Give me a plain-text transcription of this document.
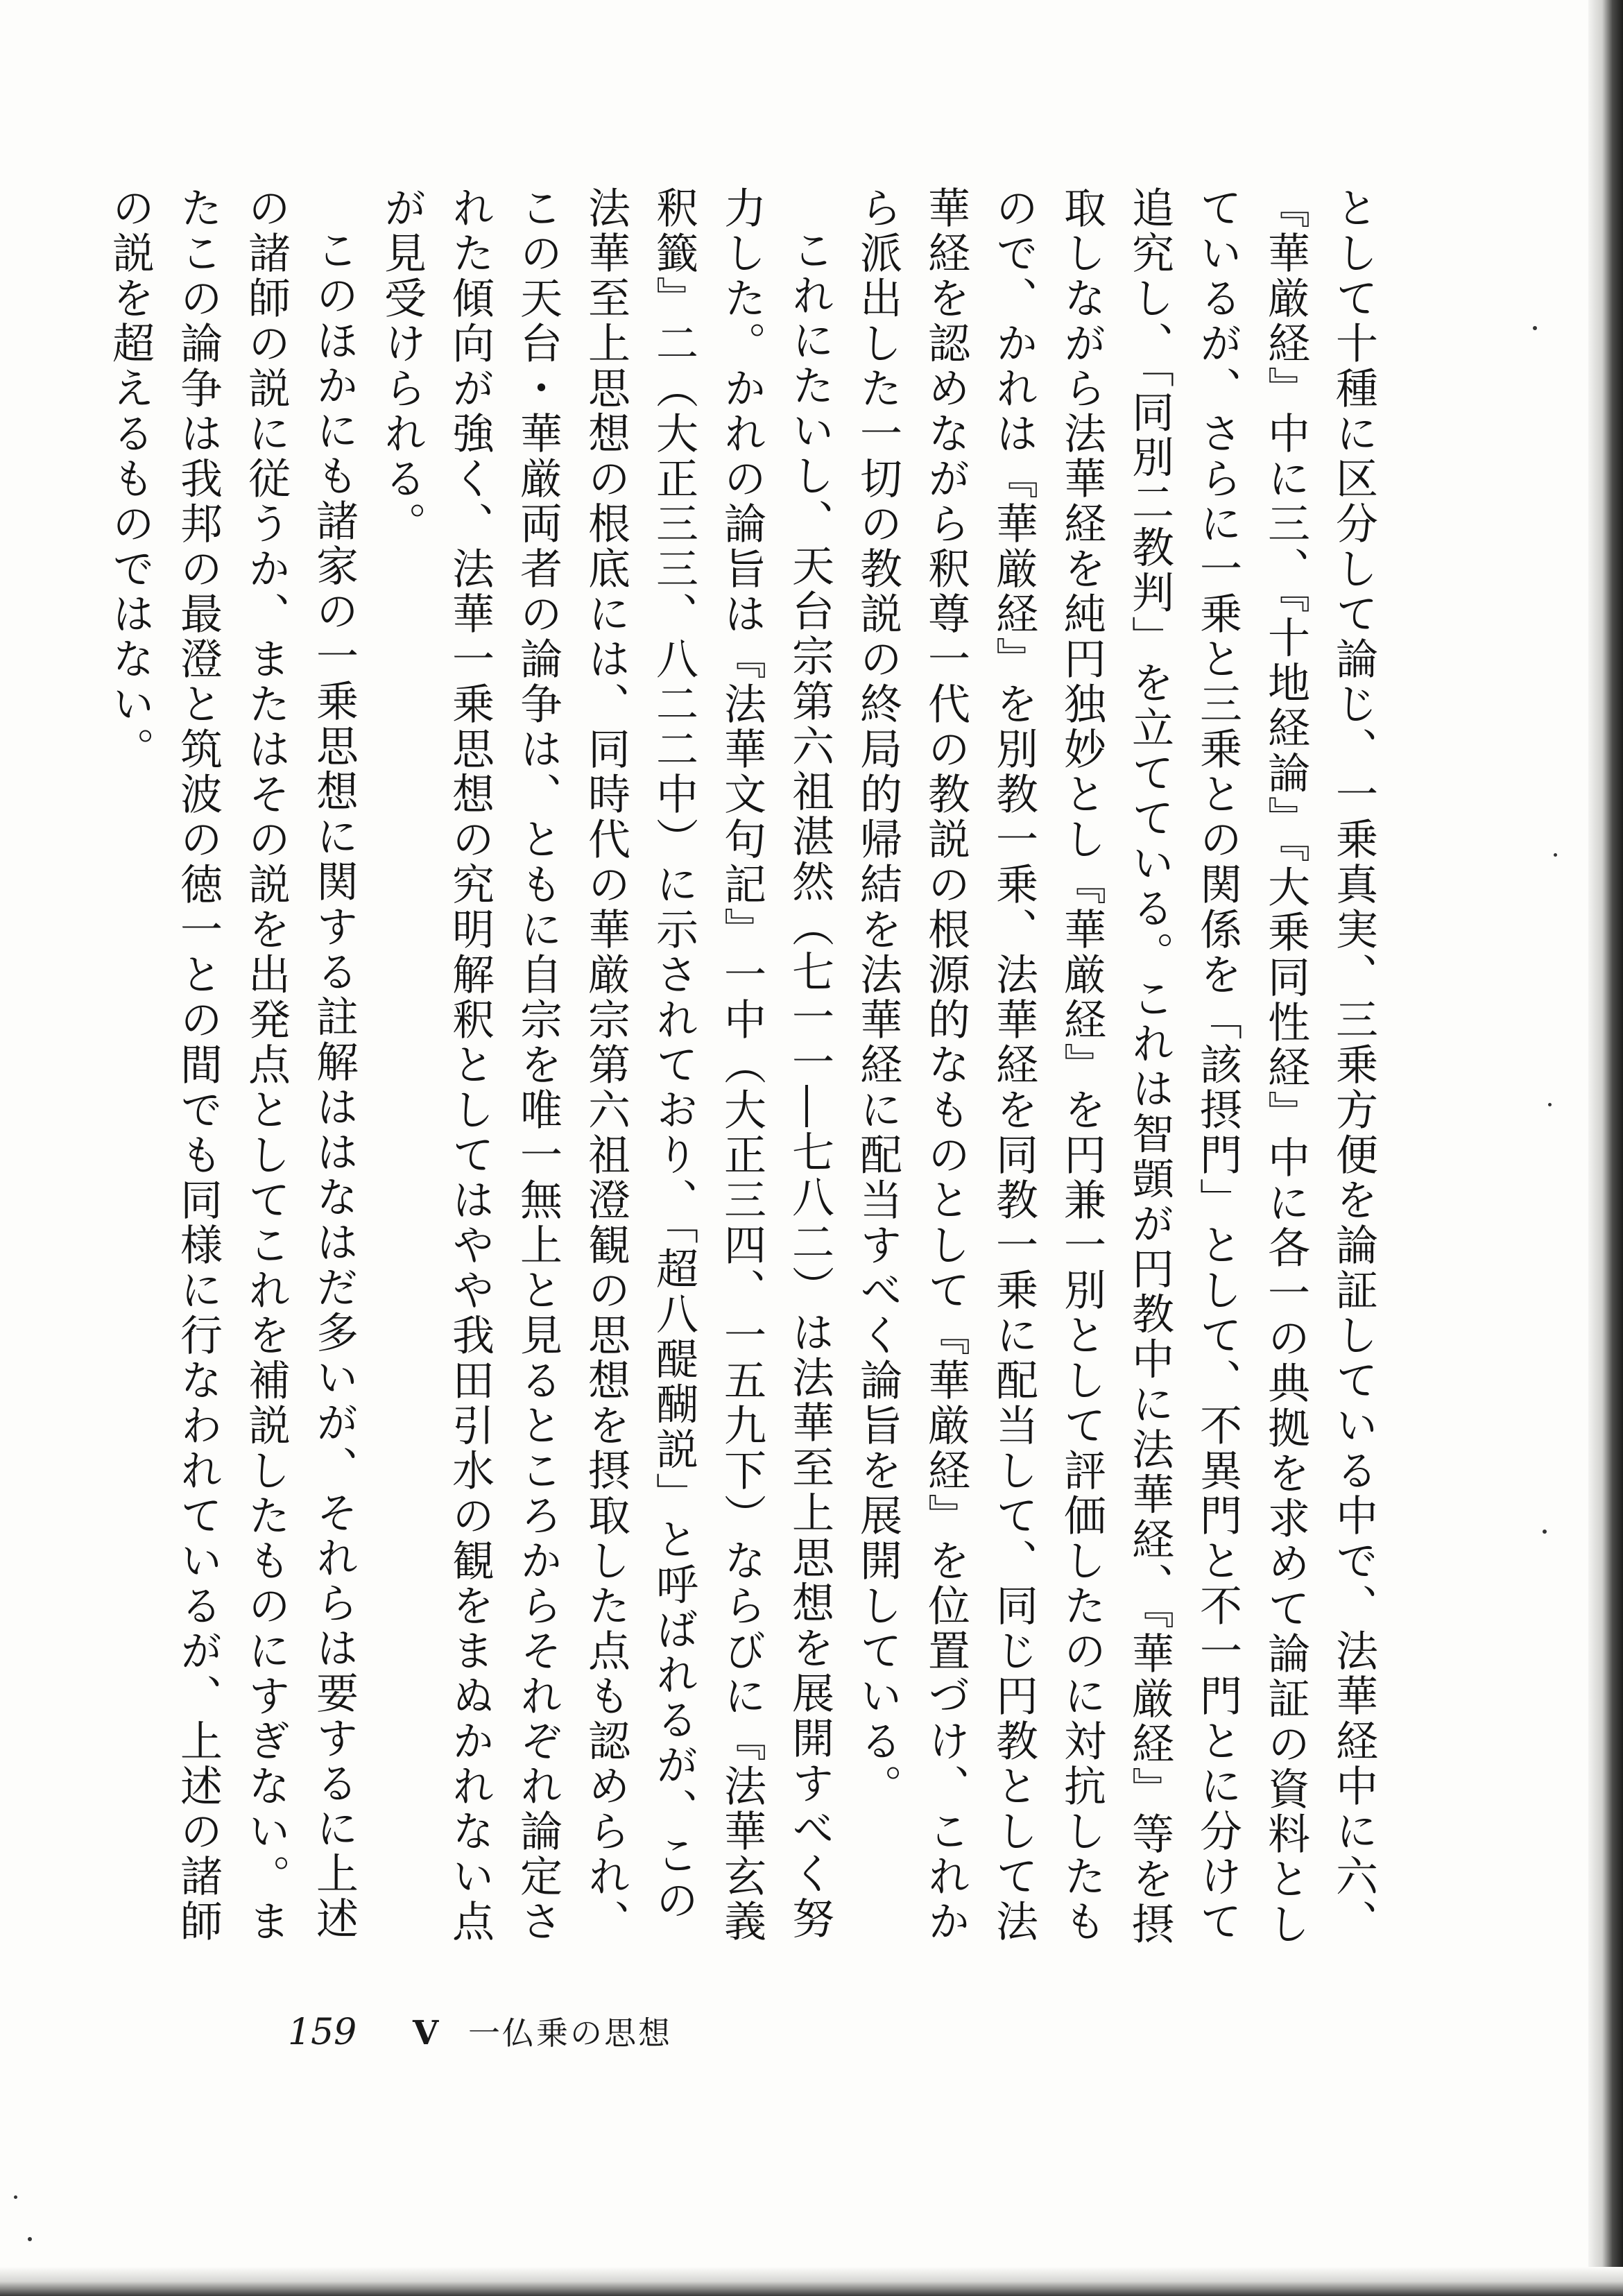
として十種に区分して論じ、一乗真実、三乗方便を論証している中で、法華経中に六、『華厳経』中に三、『十地経論』『大乗同性経』中に各一の典拠を求めて論証の資料としているが、さらに一乗と三乗との関係を「該摂門」として、不異門と不一門とに分けて追究し、「同別二教判」を立てている。これは智顗が円教中に法華経、『華厳経』等を摂取しながら法華経を純円独妙とし『華厳経』を円兼一別として評価したのに対抗したもので、かれは『華厳経』を別教一乗、法華経を同教一乗に配当して、同じ円教として法華経を認めながら釈尊一代の教説の根源的なものとして『華厳経』を位置づけ、これから派出した一切の教説の終局的帰結を法華経に配当すべく論旨を展開している。

これにたいし、天台宗第六祖湛然（七一一―七八二）は法華至上思想を展開すべく努力した。かれの論旨は『法華文句記』一中（大正三四、一五九下）ならびに『法華玄義釈籤』二（大正三三、八二二中）に示されており、「超八醍醐説」と呼ばれるが、この法華至上思想の根底には、同時代の華厳宗第六祖澄観の思想を摂取した点も認められ、この天台・華厳両者の論争は、ともに自宗を唯一無上と見るところからそれぞれ論定された傾向が強く、法華一乗思想の究明解釈としてはやや我田引水の観をまぬかれない点が見受けられる。

このほかにも諸家の一乗思想に関する註解ははなはだ多いが、それらは要するに上述の諸師の説に従うか、またはその説を出発点としてこれを補説したものにすぎない。またこの論争は我邦の最澄と筑波の徳一との間でも同様に行なわれているが、上述の諸師の説を超えるものではない。

159	V 一仏乗の思想
